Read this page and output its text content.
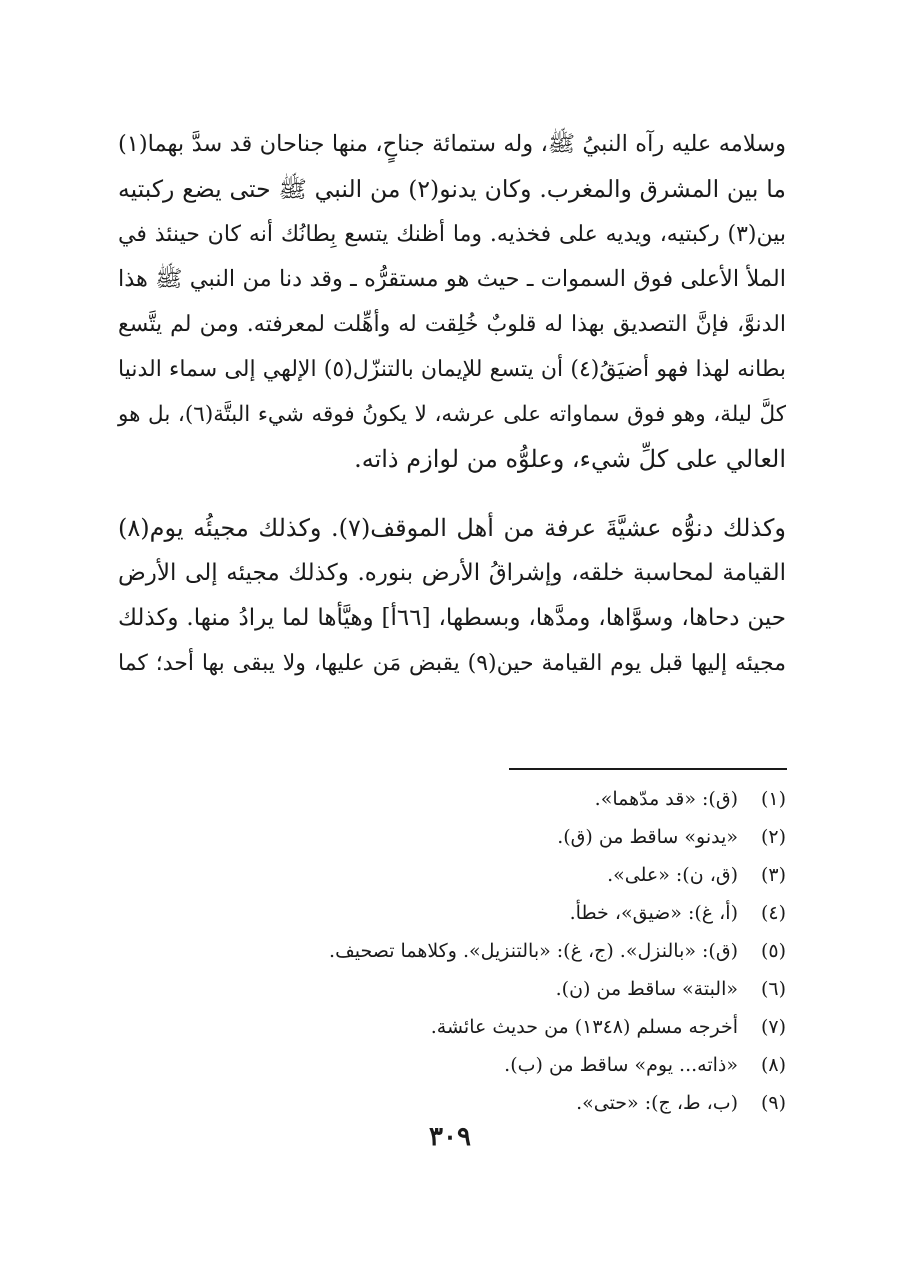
وسلامه عليه رآه النبيُ ﷺ، وله ستمائة جناحٍ، منها جناحان قد سدَّ بهما(١)
ما بين المشرق والمغرب. وكان يدنو(٢) من النبي ﷺ حتى يضع ركبتيه
بين(٣) ركبتيه، ويديه على فخذيه. وما أظنك يتسع بِطانُك أنه كان حينئذ في
الملأ الأعلى فوق السموات ـ حيث هو مستقرُّه ـ وقد دنا من النبي ﷺ هذا
الدنوَّ، فإنَّ التصديق بهذا له قلوبٌ خُلِقت له وأهِّلت لمعرفته. ومن لم يتَّسع
بطانه لهذا فهو أضيَقُ(٤) أن يتسع للإيمان بالتنزّل(٥) الإلهي إلى سماء الدنيا
كلَّ ليلة، وهو فوق سماواته على عرشه، لا يكونُ فوقه شيء البتَّة(٦)، بل هو
العالي على كلِّ شيء، وعلوُّه من لوازم ذاته.

وكذلك دنوُّه عشيَّةَ عرفة من أهل الموقف(٧). وكذلك مجيئُه يوم(٨)
القيامة لمحاسبة خلقه، وإشراقُ الأرض بنوره. وكذلك مجيئه إلى الأرض
حين دحاها، وسوَّاها، ومدَّها، وبسطها، [٦٦أ] وهيَّأها لما يرادُ منها. وكذلك
مجيئه إليها قبل يوم القيامة حين(٩) يقبض مَن عليها، ولا يبقى بها أحد؛ كما

(١)
(ق): «قد مدّهما».
(٢)
«يدنو» ساقط من (ق).
(٣)
(ق، ن): «على».
(٤)
(أ، غ): «ضيق»، خطأ.
(٥)
(ق): «بالنزل». (ج، غ): «بالتنزيل». وكلاهما تصحيف.
(٦)
«البتة» ساقط من (ن).
(٧)
أخرجه مسلم (١٣٤٨) من حديث عائشة.
(٨)
«ذاته... يوم» ساقط من (ب).
(٩)
(ب، ط، ج): «حتى».
٣٠٩
